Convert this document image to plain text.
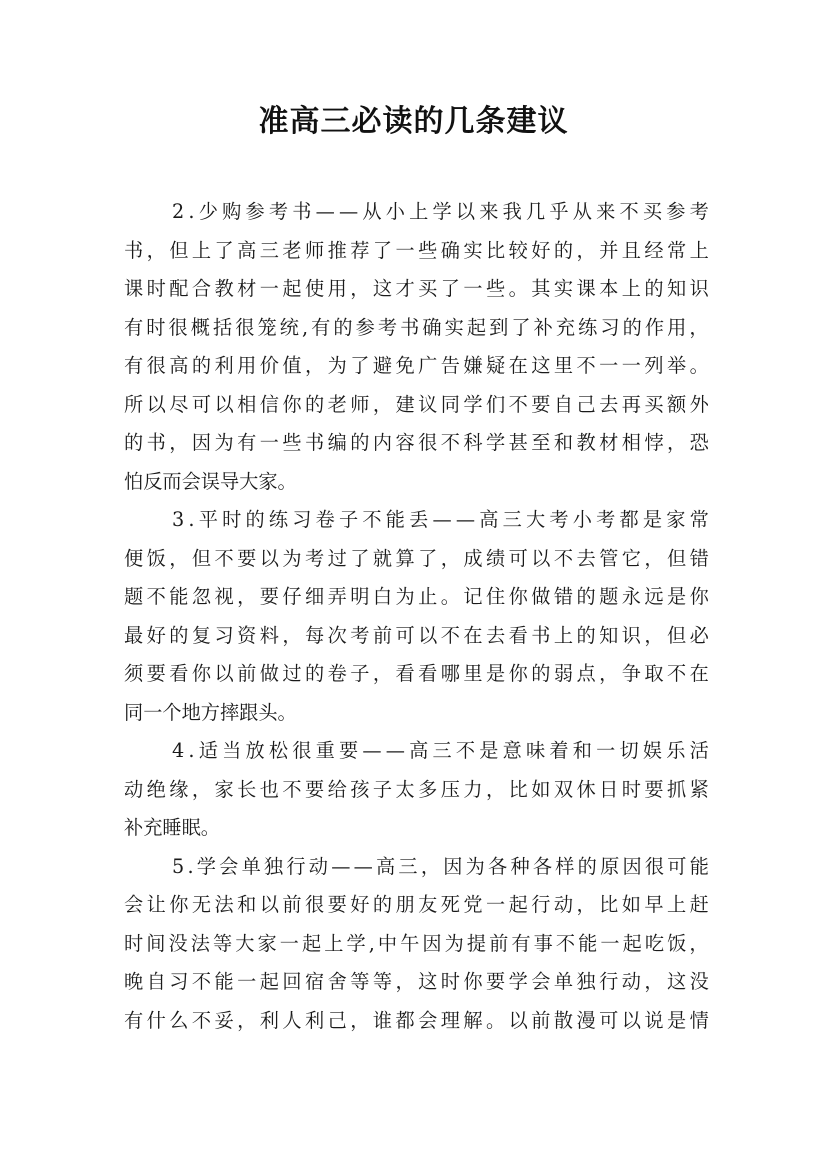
准高三必读的几条建议
2 . 少 购 参 考 书 — — 从 小 上 学 以 来 我 几 乎 从 来 不 买 参 考
书 ， 但 上 了 高 三 老 师 推 荐 了 一 些 确 实 比 较 好 的 ， 并 且 经 常 上
课 时 配 合 教 材 一 起 使 用 ， 这 才 买 了 一 些 。 其 实 课 本 上 的 知 识
有 时 很 概 括 很 笼 统 , 有 的 参 考 书 确 实 起 到 了 补 充 练 习 的 作 用 ，
有 很 高 的 利 用 价 值 ， 为 了 避 免 广 告 嫌 疑 在 这 里 不 一 一 列 举 。
所 以 尽 可 以 相 信 你 的 老 师 ， 建 议 同 学 们 不 要 自 己 去 再 买 额 外
的 书 ， 因 为 有 一 些 书 编 的 内 容 很 不 科 学 甚 至 和 教 材 相 悖 ， 恐
怕 反 而 会 误 导 大 家 。
3 . 平 时 的 练 习 卷 子 不 能 丢 — — 高 三 大 考 小 考 都 是 家 常
便 饭 ， 但 不 要 以 为 考 过 了 就 算 了 ， 成 绩 可 以 不 去 管 它 ， 但 错
题 不 能 忽 视 ， 要 仔 细 弄 明 白 为 止 。 记 住 你 做 错 的 题 永 远 是 你
最 好 的 复 习 资 料 ， 每 次 考 前 可 以 不 在 去 看 书 上 的 知 识 ， 但 必
须 要 看 你 以 前 做 过 的 卷 子 ， 看 看 哪 里 是 你 的 弱 点 ， 争 取 不 在
同 一 个 地 方 摔 跟 头 。
4 . 适 当 放 松 很 重 要 — — 高 三 不 是 意 味 着 和 一 切 娱 乐 活
动 绝 缘 ， 家 长 也 不 要 给 孩 子 太 多 压 力 ， 比 如 双 休 日 时 要 抓 紧
补 充 睡 眠 。
5 . 学 会 单 独 行 动 — — 高 三 ， 因 为 各 种 各 样 的 原 因 很 可 能
会 让 你 无 法 和 以 前 很 要 好 的 朋 友 死 党 一 起 行 动 ， 比 如 早 上 赶
时 间 没 法 等 大 家 一 起 上 学 , 中 午 因 为 提 前 有 事 不 能 一 起 吃 饭 ，
晚 自 习 不 能 一 起 回 宿 舍 等 等 ， 这 时 你 要 学 会 单 独 行 动 ， 这 没
有 什 么 不 妥 ， 利 人 利 己 ， 谁 都 会 理 解 。 以 前 散 漫 可 以 说 是 情
